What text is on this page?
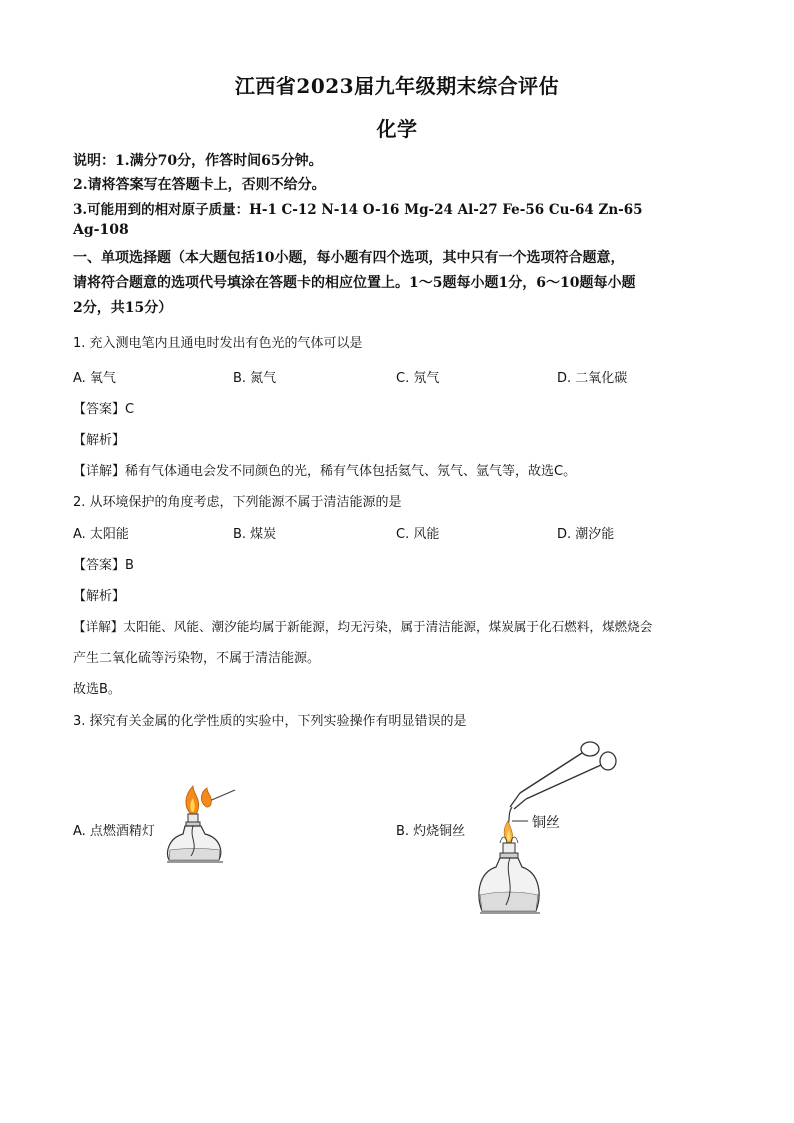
江西省2023届九年级期末综合评估
化学
说明：1.满分70分，作答时间65分钟。
2.请将答案写在答题卡上，否则不给分。
3.可能用到的相对原子质量：H-1 C-12 N-14 O-16 Mg-24 Al-27 Fe-56 Cu-64 Zn-65
Ag-108
一、单项选择题（本大题包括10小题，每小题有四个选项，其中只有一个选项符合题意，
请将符合题意的选项代号填涂在答题卡的相应位置上。1～5题每小题1分，6～10题每小题
2分，共15分）
1. 充入测电笔内且通电时发出有色光的气体可以是
A. 氧气	B. 氮气	C. 氖气	D. 二氧化碳
【答案】C
【解析】
【详解】稀有气体通电会发不同颜色的光，稀有气体包括氦气、氖气、氩气等，故选C。
2. 从环境保护的角度考虑，下列能源不属于清洁能源的是
A. 太阳能	B. 煤炭	C. 风能	D. 潮汐能
【答案】B
【解析】
【详解】太阳能、风能、潮汐能均属于新能源，均无污染，属于清洁能源，煤炭属于化石燃料，煤燃烧会
产生二氧化硫等污染物，不属于清洁能源。
故选B。
3. 探究有关金属的化学性质的实验中，下列实验操作有明显错误的是
A. 点燃酒精灯	B. 灼烧铜丝
铜丝
